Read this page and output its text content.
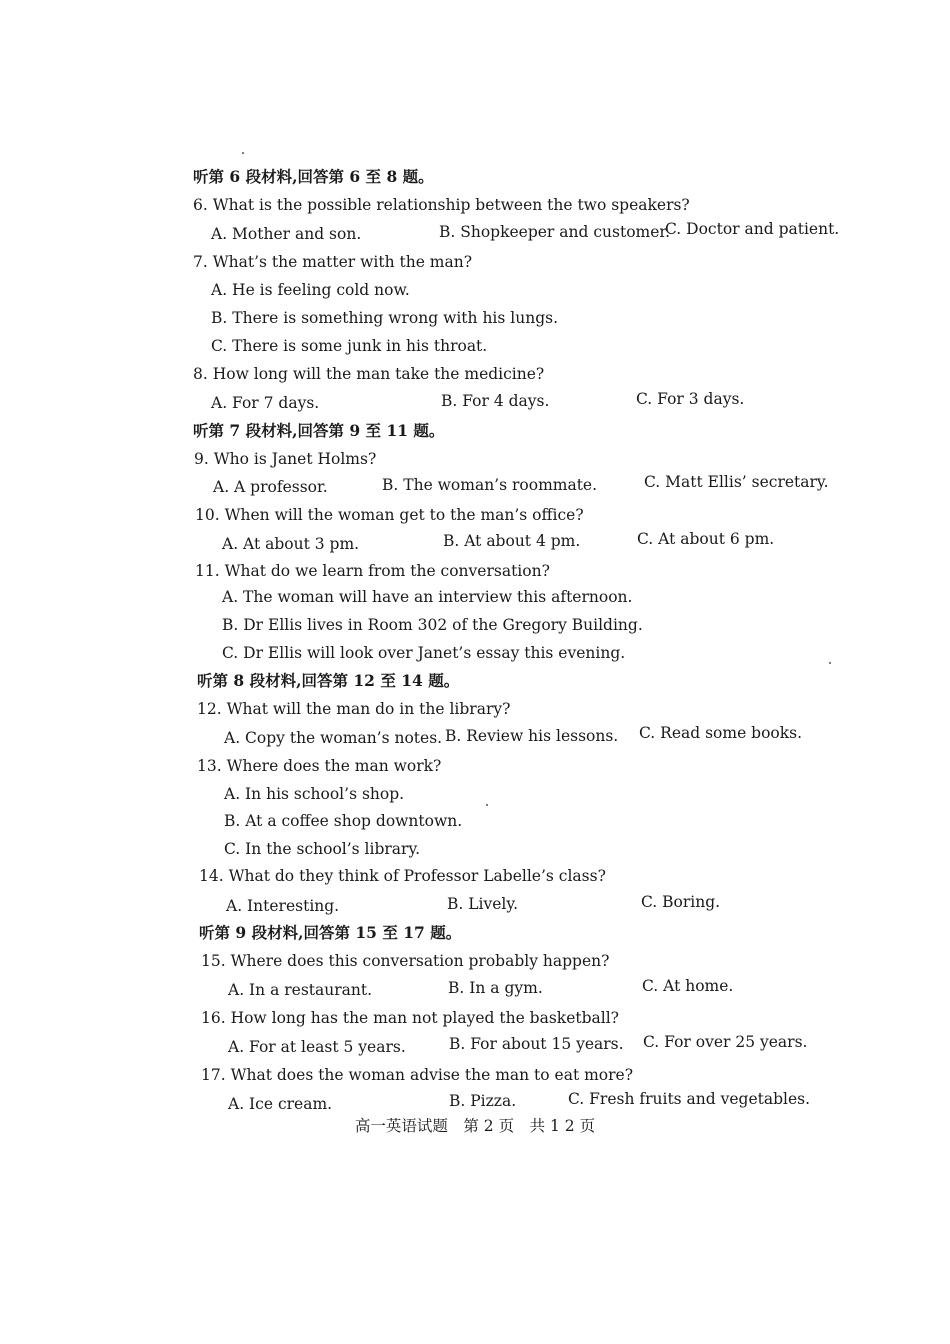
听第 6 段材料,回答第 6 至 8 题。
6. What is the possible relationship between the two speakers?
A. Mother and son.	B. Shopkeeper and customer.
C. Doctor and patient.
7. What’s the matter with the man?
A. He is feeling cold now.
B. There is something wrong with his lungs.
C. There is some junk in his throat.
8. How long will the man take the medicine?
A. For 7 days.	B. For 4 days.	C. For 3 days.
听第 7 段材料,回答第 9 至 11 题。
9. Who is Janet Holms?
A. A professor.	B. The woman’s roommate.	C. Matt Ellis’ secretary.
10. When will the woman get to the man’s office?
A. At about 3 pm.	B. At about 4 pm.	C. At about 6 pm.
11. What do we learn from the conversation?
A. The woman will have an interview this afternoon.
B. Dr Ellis lives in Room 302 of the Gregory Building.
C. Dr Ellis will look over Janet’s essay this evening.
听第 8 段材料,回答第 12 至 14 题。
12. What will the man do in the library?
A. Copy the woman’s notes. B. Review his lessons. C. Read some books.
13. Where does the man work?
A. In his school’s shop.
B. At a coffee shop downtown.
C. In the school’s library.
14. What do they think of Professor Labelle’s class?
A. Interesting.	B. Lively.	C. Boring.
听第 9 段材料,回答第 15 至 17 题。
15. Where does this conversation probably happen?
A. In a restaurant.	B. In a gym.	C. At home.
16. How long has the man not played the basketball?
A. For at least 5 years.	B. For about 15 years. C. For over 25 years.
17. What does the woman advise the man to eat more?
A. Ice cream.	B. Pizza.	C. Fresh fruits and vegetables.
高一英语试题　第 2 页　共 1 2 页
